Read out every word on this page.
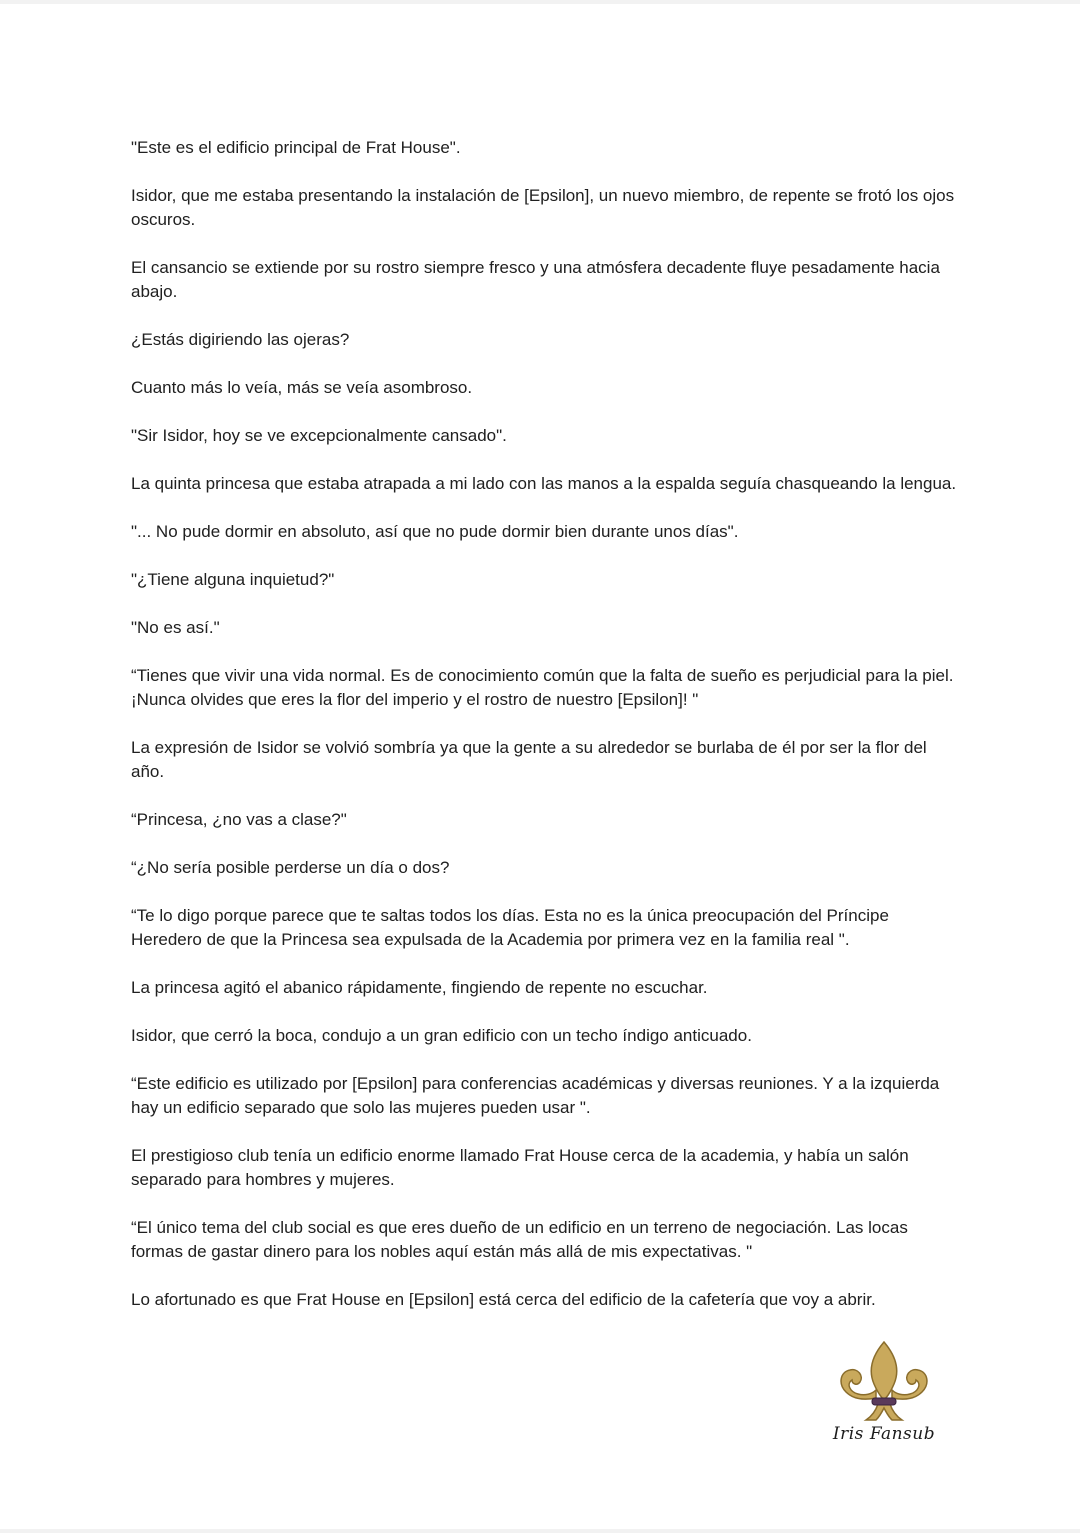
"Este es el edificio principal de Frat House".

Isidor, que me estaba presentando la instalación de [Epsilon], un nuevo miembro, de repente se frotó los ojos oscuros.

El cansancio se extiende por su rostro siempre fresco y una atmósfera decadente fluye pesadamente hacia abajo.

¿Estás digiriendo las ojeras?

Cuanto más lo veía, más se veía asombroso.

"Sir Isidor, hoy se ve excepcionalmente cansado".

La quinta princesa que estaba atrapada a mi lado con las manos a la espalda seguía chasqueando la lengua.

"... No pude dormir en absoluto, así que no pude dormir bien durante unos días".

"¿Tiene alguna inquietud?"

"No es así."

“Tienes que vivir una vida normal. Es de conocimiento común que la falta de sueño es perjudicial para la piel. ¡Nunca olvides que eres la flor del imperio y el rostro de nuestro [Epsilon]! "

La expresión de Isidor se volvió sombría ya que la gente a su alrededor se burlaba de él por ser la flor del año.

“Princesa, ¿no vas a clase?"

“¿No sería posible perderse un día o dos?

“Te lo digo porque parece que te saltas todos los días. Esta no es la única preocupación del Príncipe Heredero de que la Princesa sea expulsada de la Academia por primera vez en la familia real ".

La princesa agitó el abanico rápidamente, fingiendo de repente no escuchar.

Isidor, que cerró la boca, condujo a un gran edificio con un techo índigo anticuado.

“Este edificio es utilizado por [Epsilon] para conferencias académicas y diversas reuniones. Y a la izquierda hay un edificio separado que solo las mujeres pueden usar ".

El prestigioso club tenía un edificio enorme llamado Frat House cerca de la academia, y había un salón separado para hombres y mujeres.

“El único tema del club social es que eres dueño de un edificio en un terreno de negociación. Las locas formas de gastar dinero para los nobles aquí están más allá de mis expectativas. "

Lo afortunado es que Frat House en [Epsilon] está cerca del edificio de la cafetería que voy a abrir.

Iris Fansub
